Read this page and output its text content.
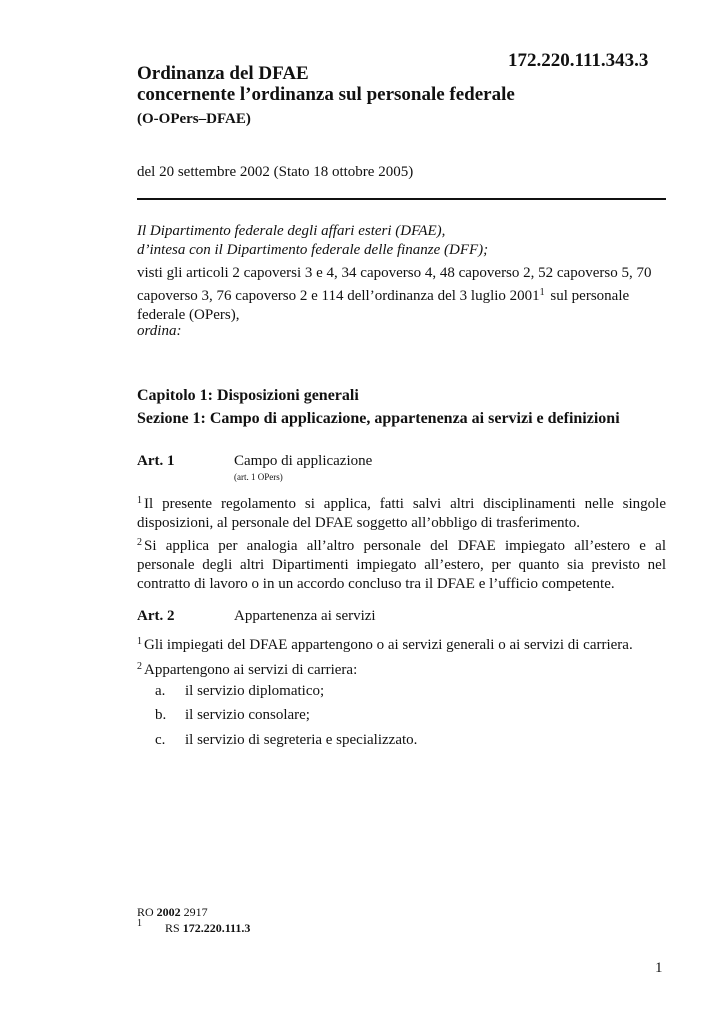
172.220.111.343.3
Ordinanza del DFAE
concernente l’ordinanza sul personale federale
(O-OPers–DFAE)
del 20 settembre 2002 (Stato 18 ottobre 2005)
Il Dipartimento federale degli affari esteri (DFAE),
d’intesa con il Dipartimento federale delle finanze (DFF);
visti gli articoli 2 capoversi 3 e 4, 34 capoverso 4, 48 capoverso 2, 52 capoverso 5, 70 capoverso 3, 76 capoverso 2 e 114 dell’ordinanza del 3 luglio 2001$^1$ sul personale federale (OPers),
ordina:
Capitolo 1: Disposizioni generali
Sezione 1: Campo di applicazione, appartenenza ai servizi e definizioni
Art. 1	Campo di applicazione
(art. 1 OPers)
$^1$ Il presente regolamento si applica, fatti salvi altri disciplinamenti nelle singole disposizioni, al personale del DFAE soggetto all’obbligo di trasferimento.
$^2$ Si applica per analogia all’altro personale del DFAE impiegato all’estero e al personale degli altri Dipartimenti impiegato all’estero, per quanto sia previsto nel contratto di lavoro o in un accordo concluso tra il DFAE e l’ufficio competente.
Art. 2	Appartenenza ai servizi
$^1$ Gli impiegati del DFAE appartengono o ai servizi generali o ai servizi di carriera.
$^2$ Appartengono ai servizi di carriera:
a. il servizio diplomatico;
b. il servizio consolare;
c. il servizio di segreteria e specializzato.
RO 2002 2917
1 RS 172.220.111.3
1
